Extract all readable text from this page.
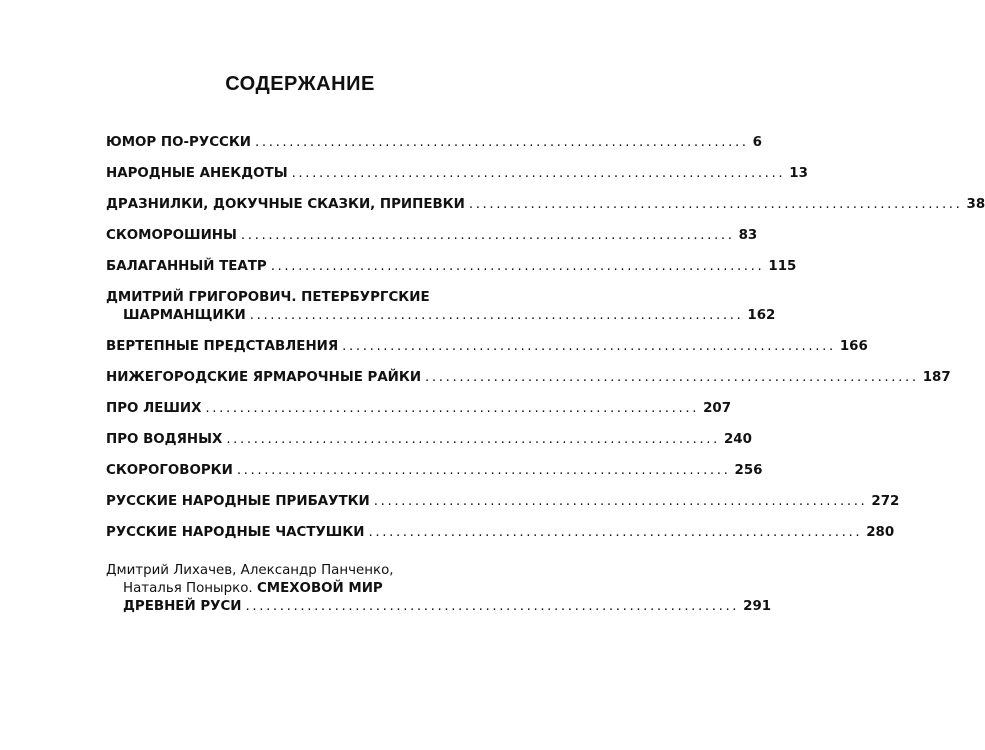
СОДЕРЖАНИЕ
ЮМОР ПО-РУССКИ ........................................................................ 6
НАРОДНЫЕ АНЕКДОТЫ ........................................................................ 13
ДРАЗНИЛКИ, ДОКУЧНЫЕ СКАЗКИ, ПРИПЕВКИ ........................................................................ 38
СКОМОРОШИНЫ ........................................................................ 83
БАЛАГАННЫЙ ТЕАТР ........................................................................ 115
ДМИТРИЙ ГРИГОРОВИЧ. ПЕТЕРБУРГСКИЕ
ШАРМАНЩИКИ ........................................................................ 162
ВЕРТЕПНЫЕ ПРЕДСТАВЛЕНИЯ ........................................................................ 166
НИЖЕГОРОДСКИЕ ЯРМАРОЧНЫЕ РАЙКИ ........................................................................ 187
ПРО ЛЕШИХ ........................................................................ 207
ПРО ВОДЯНЫХ ........................................................................ 240
СКОРОГОВОРКИ ........................................................................ 256
РУССКИЕ НАРОДНЫЕ ПРИБАУТКИ ........................................................................ 272
РУССКИЕ НАРОДНЫЕ ЧАСТУШКИ ........................................................................ 280
Дмитрий Лихачев, Александр Панченко,
Наталья Понырко. СМЕХОВОЙ МИР
ДРЕВНЕЙ РУСИ ........................................................................ 291
